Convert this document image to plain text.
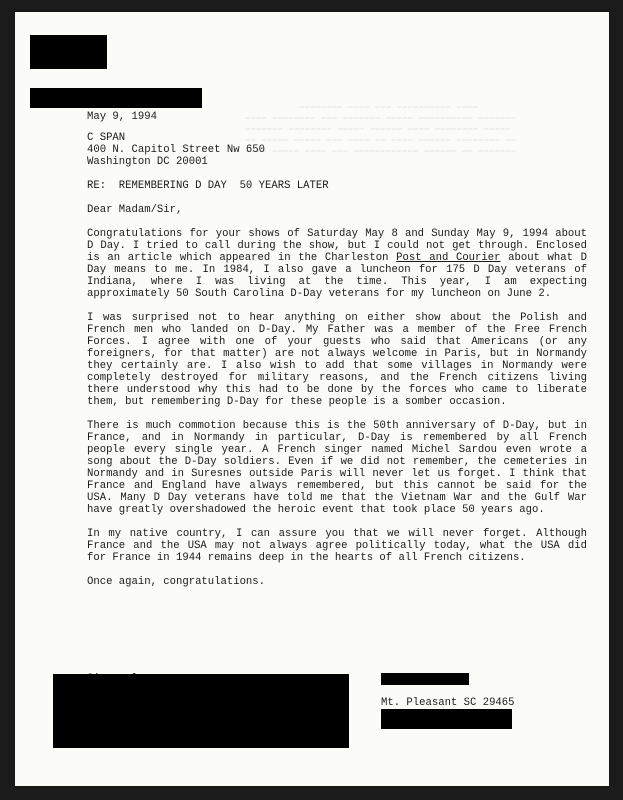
~~~~ ~~~~~ ~~~~ ~~~ ~~~~~~~~~~~~ ~~~~~~ ~~ ~~~~~~~
~~ ~~~~~ ~~~~~ ~~~ ~~~~ ~~ ~~~~ ~~~~~~ ~~~~~~~~ ~~
~~~~~~~ ~~~~~~~~ ~~~~~ ~~~~~~ ~~~~ ~~~~~~~~ ~~~~~
~~~~ ~~~~~~~~ ~~~ ~~~~~~~ ~~~~~ ~~~~~~~~~~ ~~~~~~~
~~~~~~~~ ~~~~ ~~~ ~~~~~~~~~~ ~~~~
May 9, 1994
C SPAN
400 N. Capitol Street Nw 650
Washington DC 20001
RE:  REMEMBERING D DAY  50 YEARS LATER
Dear Madam/Sir,

Congratulations for your shows of Saturday May 8 and Sunday May 9, 1994 about D Day. I tried to call during the show, but I could not get through. Enclosed is an article which appeared in the Charleston Post and Courier about what D Day means to me. In 1984, I also gave a luncheon for 175 D Day veterans of Indiana, where I was living at the time. This year, I am expecting approximately 50 South Carolina D-Day veterans for my luncheon on June 2.

I was surprised not to hear anything on either show about the Polish and French men who landed on D-Day. My Father was a member of the Free French Forces. I agree with one of your guests who said that Americans (or any foreigners, for that matter) are not always welcome in Paris, but in Normandy they certainly are. I also wish to add that some villages in Normandy were completely destroyed for military reasons, and the French citizens living there understood why this had to be done by the forces who came to liberate them, but remembering D-Day for these people is a somber occasion.

There is much commotion because this is the 50th anniversary of D-Day, but in France, and in Normandy in particular, D-Day is remembered by all French people every single year. A French singer named Michel Sardou even wrote a song about the D-Day soldiers. Even if we did not remember, the cemeteries in Normandy and in Suresnes outside Paris will never let us forget. I think that France and England have always remembered, but this cannot be said for the USA. Many D Day veterans have told me that the Vietnam War and the Gulf War have greatly overshadowed the heroic event that took place 50 years ago.

In my native country, I can assure you that we will never forget. Although France and the USA may not always agree politically today, what the USA did for France in 1944 remains deep in the hearts of all French citizens.

Once again, congratulations.

Mt. Pleasant SC 29465
